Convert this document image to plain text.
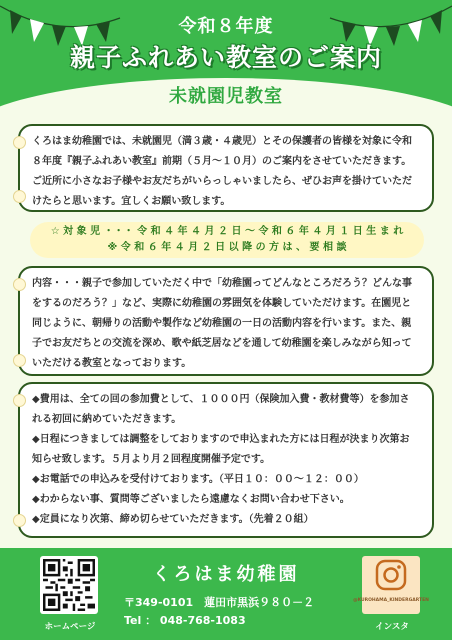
令和８年度
親子ふれあい教室のご案内
未就園児教室

くろはま幼稚園では、未就園児（満３歳・４歳児）とその保護者の皆様を対象に令和８年度『親子ふれあい教室』前期（５月〜１０月）のご案内をさせていただきます。ご近所に小さなお子様やお友だちがいらっしゃいましたら、ぜひお声を掛けていただけたらと思います。宜しくお願い致します。

☆ 対 象 児 ・・・ 令 和 ４ 年 ４ 月 ２ 日 〜 令 和 ６ 年 ４ 月 １ 日 生 ま れ
※ 令 和 ６ 年 ４ 月 ２ 日 以 降 の 方 は 、 要 相 談

内容・・・親子で参加していただく中で「幼稚園ってどんなところだろう？どんな事をするのだろう？」など、実際に幼稚園の雰囲気を体験していただけます。在園児と同じように、朝帰りの活動や製作など幼稚園の一日の活動内容を行います。また、親子でお友だちとの交流を深め、歌や紙芝居などを通して幼稚園を楽しみながら知っていただける教室となっております。

◆費用は、全ての回の参加費として、１０００円（保険加入費・教材費等）を参加される初回に納めていただきます。

◆日程につきましては調整をしておりますので申込まれた方には日程が決まり次第お知らせ致します。５月より月２回程度開催予定です。

◆お電話での申込みを受付けております。（平日１０：００〜１２：００）

◆わからない事、質問等ございましたら遠慮なくお問い合わせ下さい。

◆定員になり次第、締め切らせていただきます。（先着２０組）

ホームページ
くろはま幼稚園
〒349-0101　蓮田市黒浜９８０－２
Tel ： 048-768-1083
@KUROHAMA_KINDERGARTEN
インスタ
